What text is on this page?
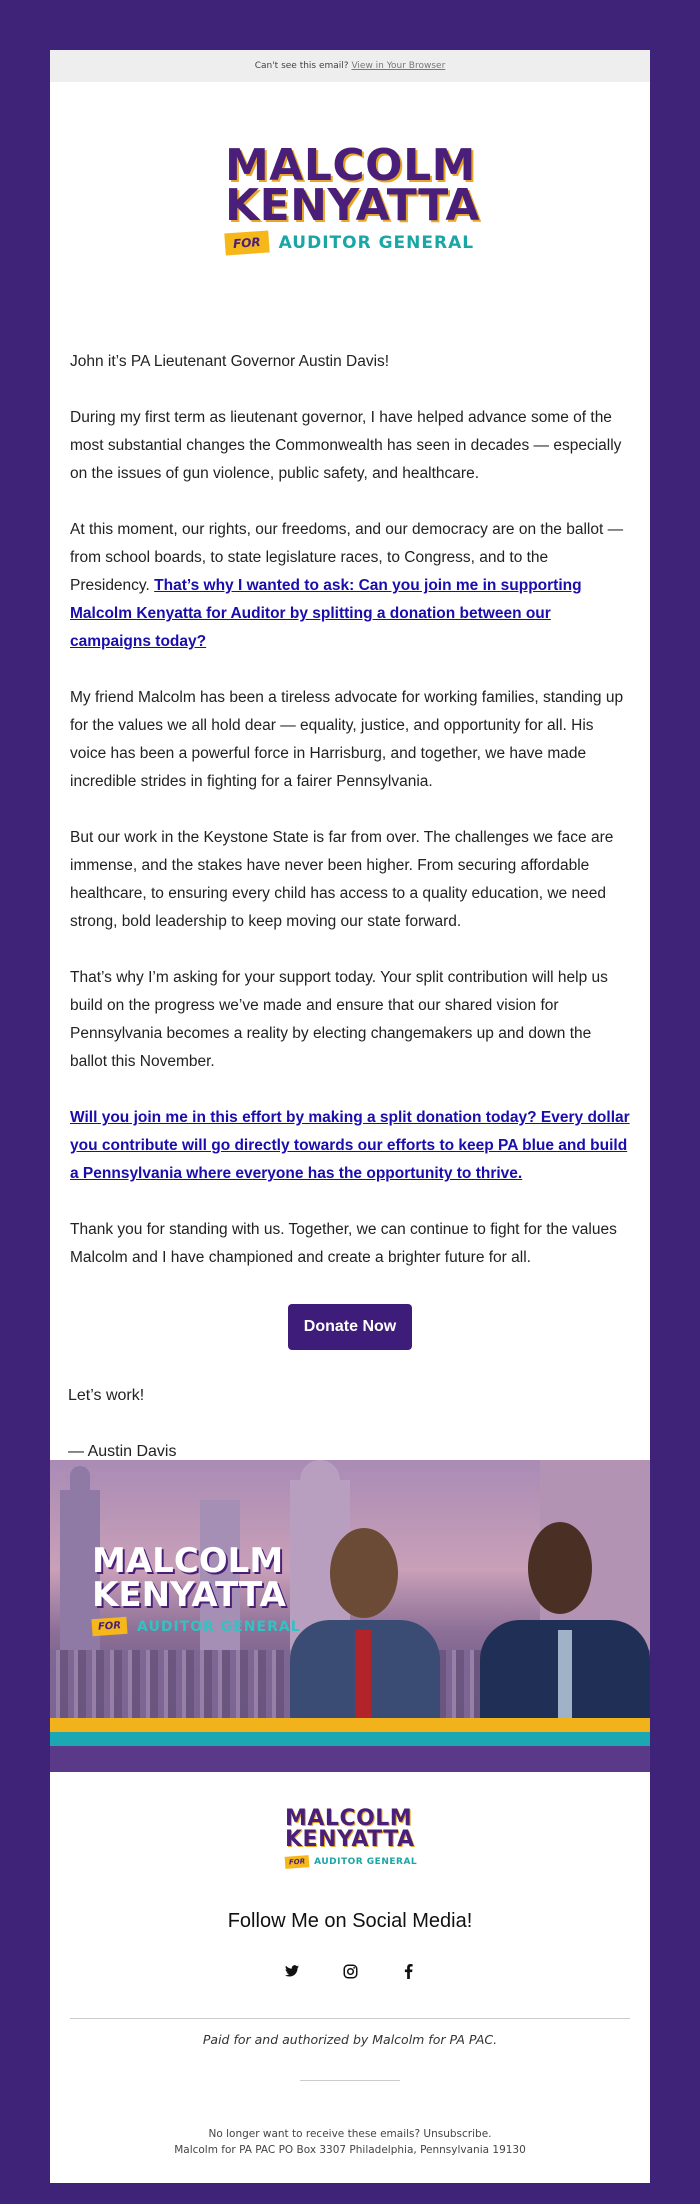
Can't see this email? View in Your Browser
MALCOLM
KENYATTA
FOR	AUDITOR GENERAL

John it’s PA Lieutenant Governor Austin Davis!

During my first term as lieutenant governor, I have helped advance some of the most substantial changes the Commonwealth has seen in decades — especially on the issues of gun violence, public safety, and healthcare.

At this moment, our rights, our freedoms, and our democracy are on the ballot — from school boards, to state legislature races, to Congress, and to the Presidency. That’s why I wanted to ask: Can you join me in supporting Malcolm Kenyatta for Auditor by splitting a donation between our campaigns today?

My friend Malcolm has been a tireless advocate for working families, standing up for the values we all hold dear — equality, justice, and opportunity for all. His voice has been a powerful force in Harrisburg, and together, we have made incredible strides in fighting for a fairer Pennsylvania.

But our work in the Keystone State is far from over. The challenges we face are immense, and the stakes have never been higher. From securing affordable healthcare, to ensuring every child has access to a quality education, we need strong, bold leadership to keep moving our state forward.

That’s why I’m asking for your support today. Your split contribution will help us build on the progress we’ve made and ensure that our shared vision for Pennsylvania becomes a reality by electing changemakers up and down the ballot this November.

Will you join me in this effort by making a split donation today? Every dollar you contribute will go directly towards our efforts to keep PA blue and build a Pennsylvania where everyone has the opportunity to thrive.

Thank you for standing with us. Together, we can continue to fight for the values Malcolm and I have championed and create a brighter future for all.

Donate Now
Let’s work!
— Austin Davis
MALCOLM
KENYATTA
FOR	AUDITOR GENERAL
MALCOLM
KENYATTA
FOR AUDITOR GENERAL
Follow Me on Social Media!
Paid for and authorized by Malcolm for PA PAC.
No longer want to receive these emails? Unsubscribe.
Malcolm for PA PAC PO Box 3307 Philadelphia, Pennsylvania 19130
